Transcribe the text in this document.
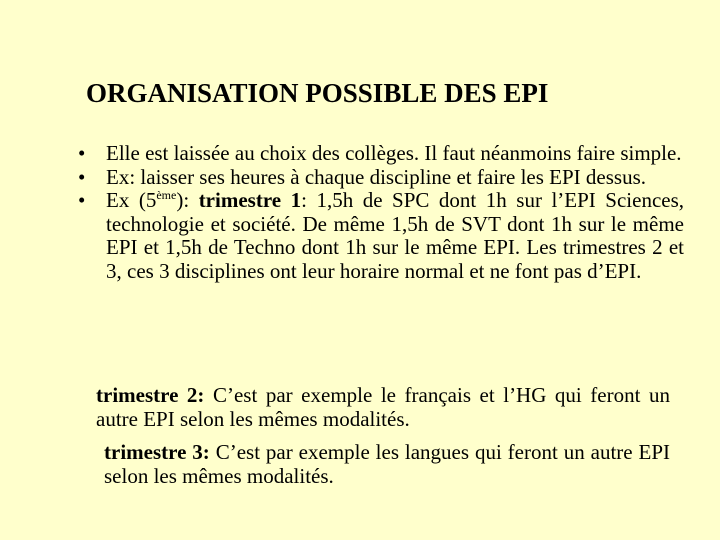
ORGANISATION POSSIBLE DES EPI
• Elle est laissée au choix des collèges. Il faut néanmoins faire simple.
• Ex: laisser ses heures à chaque discipline et faire les EPI dessus.
• Ex (5ème): trimestre 1: 1,5h de SPC dont 1h sur l’EPI Sciences, technologie et société. De même 1,5h de SVT dont 1h sur le même EPI et 1,5h de Techno dont 1h sur le même EPI. Les trimestres 2 et 3, ces 3 disciplines ont leur horaire normal et ne font pas d’EPI.

trimestre 2: C’est par exemple le français et l’HG qui feront un autre EPI selon les mêmes modalités.

trimestre 3: C’est par exemple les langues qui feront un autre EPI selon les mêmes modalités.
